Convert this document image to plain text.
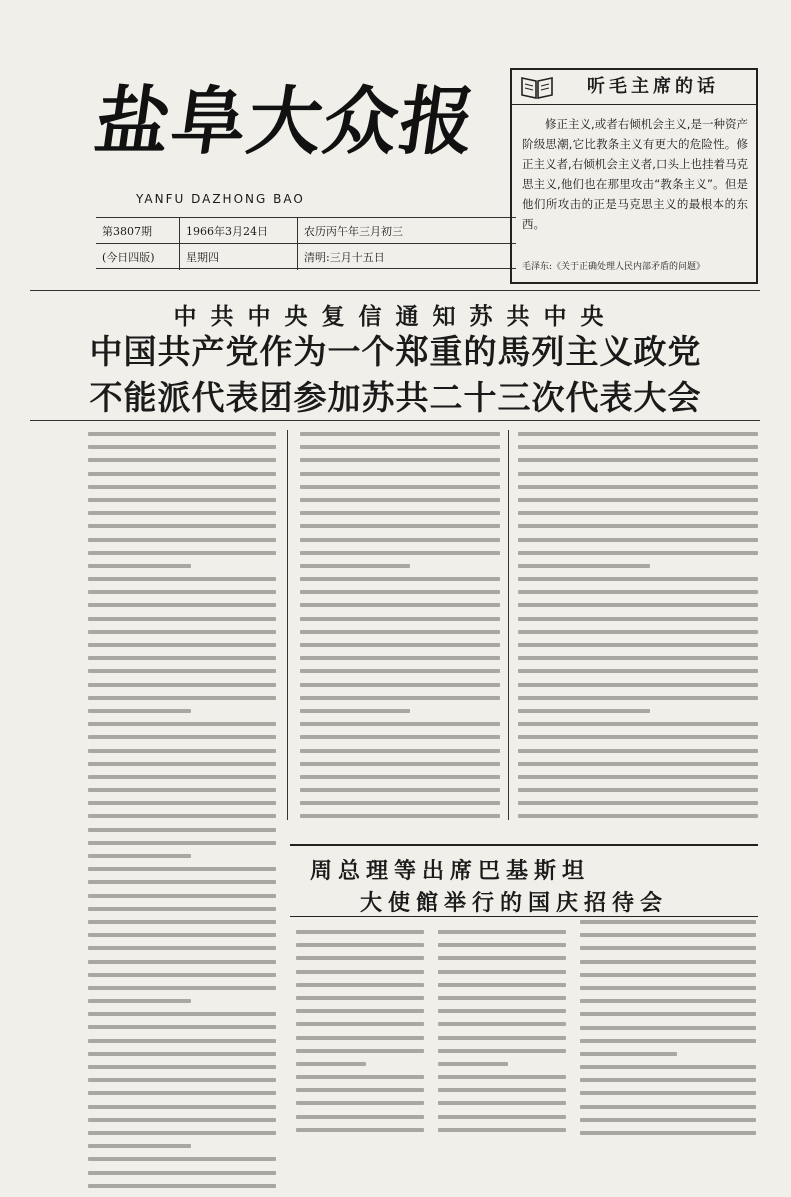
盐阜大众报
YANFU DAZHONG BAO
第3807期	1966年3月24日	农历丙午年三月初三
(今日四版)	星期四	清明:三月十五日
听毛主席的话
修正主义,或者右倾机会主义,是一种资产阶级思潮,它比教条主义有更大的危险性。修正主义者,右倾机会主义者,口头上也挂着马克思主义,他们也在那里攻击“教条主义”。但是他们所攻击的正是马克思主义的最根本的东西。
毛泽东:《关于正确处理人民内部矛盾的问题》
中共中央复信通知苏共中央
中国共产党作为一个郑重的馬列主义政党
不能派代表团参加苏共二十三次代表大会
周总理等出席巴基斯坦
大使館举行的国庆招待会
